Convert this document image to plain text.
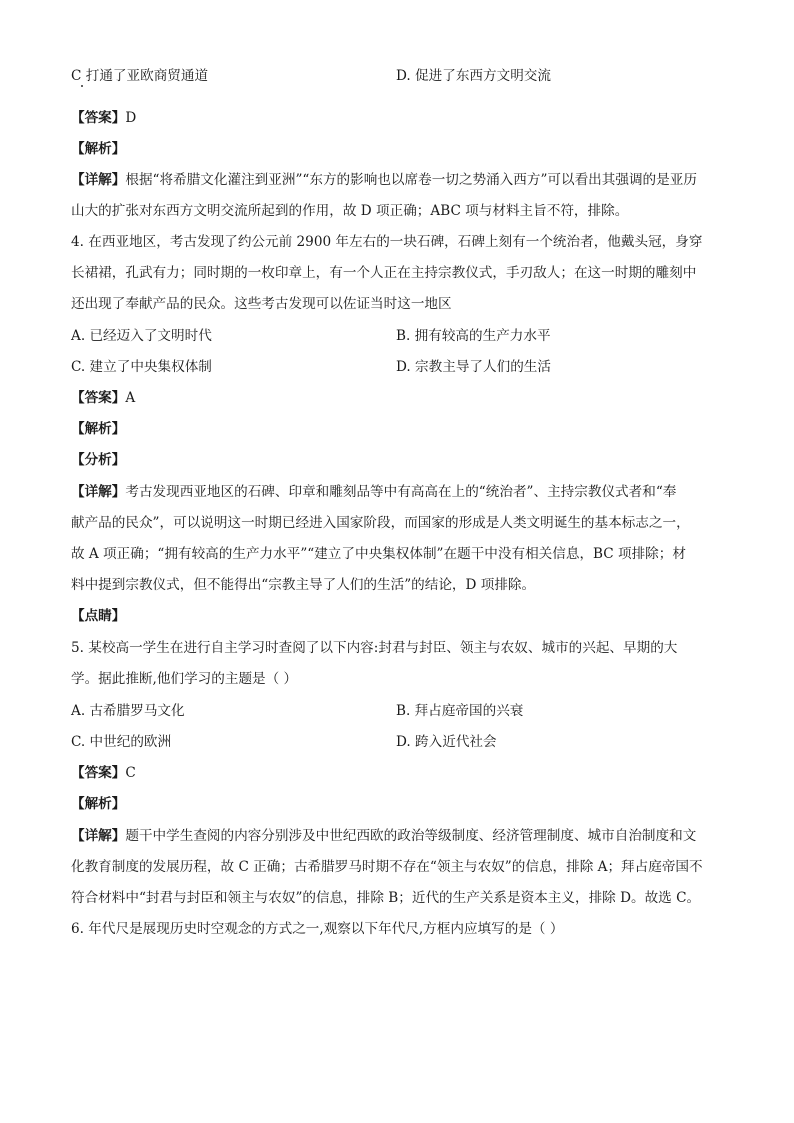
C 打通了亚欧商贸通道	D. 促进了东西方文明交流
【答案】D
【解析】
【详解】根据“将希腊文化灌注到亚洲”“东方的影响也以席卷一切之势涌入西方”可以看出其强调的是亚历
山大的扩张对东西方文明交流所起到的作用，故 D 项正确；ABC 项与材料主旨不符，排除。
4. 在西亚地区，考古发现了约公元前 2900 年左右的一块石碑，石碑上刻有一个统治者，他戴头冠，身穿
长裙裙，孔武有力；同时期的一枚印章上，有一个人正在主持宗教仪式，手刃敌人；在这一时期的雕刻中
还出现了奉献产品的民众。这些考古发现可以佐证当时这一地区
A. 已经迈入了文明时代	B. 拥有较高的生产力水平
C. 建立了中央集权体制	D. 宗教主导了人们的生活
【答案】A
【解析】
【分析】
【详解】考古发现西亚地区的石碑、印章和雕刻品等中有高高在上的“统治者”、主持宗教仪式者和“奉
献产品的民众”，可以说明这一时期已经进入国家阶段，而国家的形成是人类文明诞生的基本标志之一，
故 A 项正确；“拥有较高的生产力水平”“建立了中央集权体制”在题干中没有相关信息，BC 项排除；材
料中提到宗教仪式，但不能得出“宗教主导了人们的生活”的结论，D 项排除。
【点睛】
5. 某校高一学生在进行自主学习时查阅了以下内容:封君与封臣、领主与农奴、城市的兴起、早期的大
学。据此推断,他们学习的主题是（ ）
A. 古希腊罗马文化	B. 拜占庭帝国的兴衰
C. 中世纪的欧洲	D. 跨入近代社会
【答案】C
【解析】
【详解】题干中学生查阅的内容分别涉及中世纪西欧的政治等级制度、经济管理制度、城市自治制度和文
化教育制度的发展历程，故 C 正确；古希腊罗马时期不存在“领主与农奴”的信息，排除 A；拜占庭帝国不
符合材料中“封君与封臣和领主与农奴”的信息，排除 B；近代的生产关系是资本主义，排除 D。故选 C。
6. 年代尺是展现历史时空观念的方式之一,观察以下年代尺,方框内应填写的是（ ）
